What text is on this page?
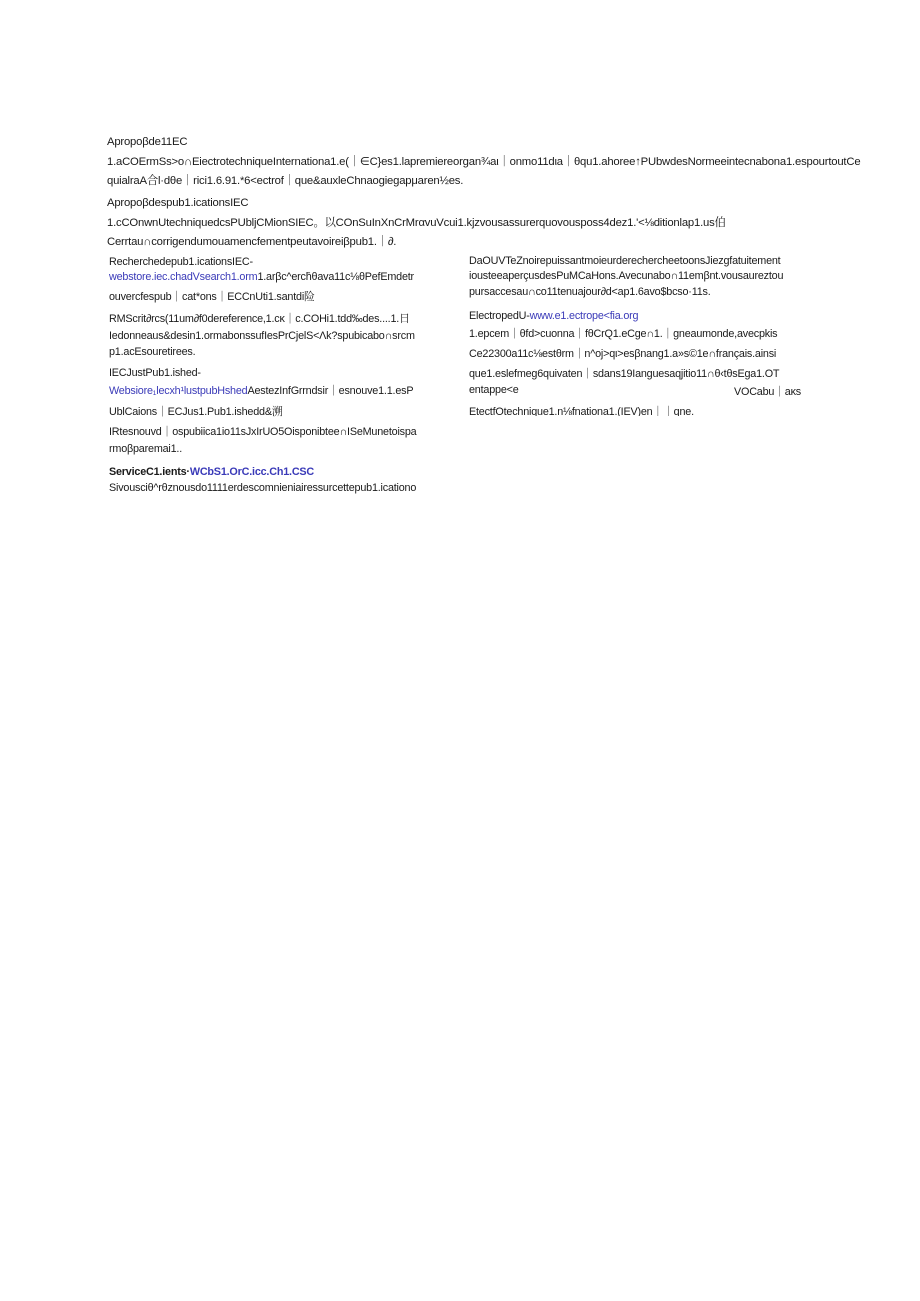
Apropoβde11EC
1.aCOErmSs>o∩EiectrotechniqueInternationa1.e(｜∈C}es1.lapremiereorgan¾aι｜onmo11dιa｜θqu1.ahoree↑PUbwdesNormeeintecnabona1.espourtoutCe
quialraA合l·dθe｜rici1.6.91.*6<ectrof｜que&auxleChnaogiegapμaren½es.
Apropoβdespub1.icationsIEC
1.cCOnwnUtechniquedcsPUbljCMionSIEC。以COnSuInXnCrMrαvuVcui1.kjzvousassurerquovousposs4dez1.'<⅛ditionlap1.us伯
Cerrtau∩corrigendumouamencfementpeutavoireiβpub1.｜∂.
Recherchedepub1.icationsIEC-
webstore.iec.chadVsearch1.orm1.arβc^erch̄θava11c⅛θPefEmdetr
ouvercfespub｜cat*ons｜ECCnUti1.santdi险
RMScrit∂rcs(11um∂f0dereference,1.cκ｜c.COHi1.tdd‰des....1.日
Iedonneaus&desin1.ormabonssufIesPrCjelS<Λk?spubicabo∩srcm
p1.acEsouretirees.
IECJustPub1.ished-
Websiore₁lecxh¹lustpubHshedAestezInfGrrndsir｜esnouve1.1.esP
UblCaions｜ECJus1.Pub1.ishedd&溯
IRtesnouvd｜ospubiica1io11sJxIrUO5Oisponibtee∩ISeMunetoispa
rmoβparemai1..
ServiceC1.ients·WCbS1.OrC.icc.Ch1.CSC
Sivousciθ^rθznousdo1111erdescomnieniairessurcettepub1.icationo
DaOUVTeZnoirepuissantmoieurderechercheetoonsJiezgfatuitement
iousteeaperçusdesPuMCaHons.Avecunabo∩11emβnt.vousaureztou
pursaccesau∩co11tenuajour∂d<ap1.6avo$bcso·11s.
ElectropedU-www.e1.ectrope<fia.org
1.epcem｜θfd>cuonna｜fθCrQ1.eCge∩1.｜gneaumonde,avecpkis
Ce22300a11c⅛estθrm｜n^oj>qι>esβnang1.a»s©1e∩français.ainsi
que1.eslefmeg6quivaten｜sdans19Ianguesaqjitio11∩θ‹tθsEga1.OT
entappe<e	VOCabu｜aκs
EtectfOtechnique1.n⅛fnationa1.(IEV)en｜｜qne.
